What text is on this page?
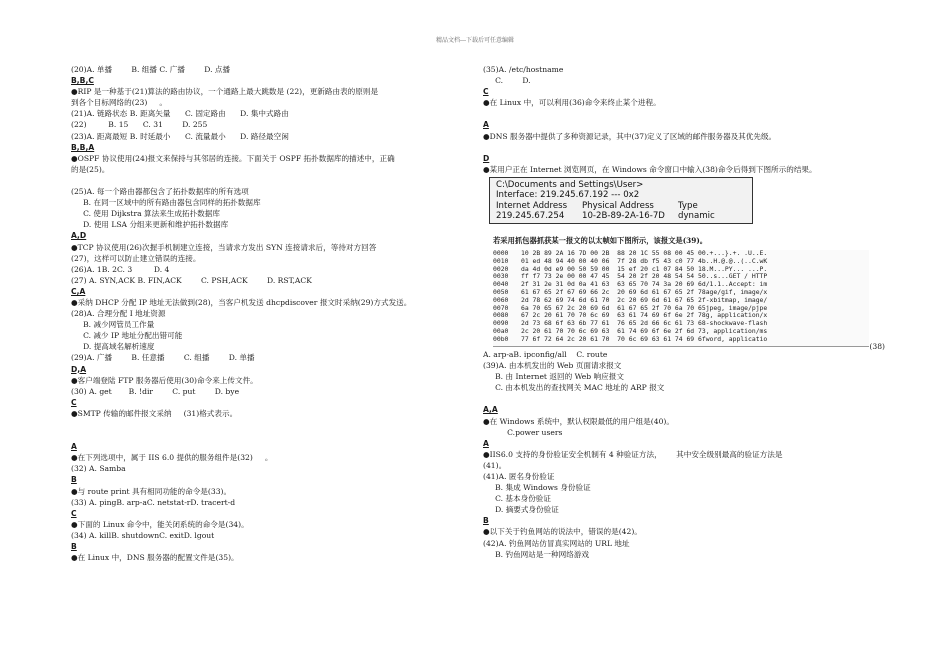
精品文档---下载后可任意编辑
(20)A. 单播        B. 组播 C. 广播        D. 点播
B,B,C
●RIP 是一种基于(21)算法的路由协议，一个通路上最大跳数是 (22)，更新路由表的原则是
到各个目标网络的(23)     。
(21)A. 链路状态 B. 距离矢量      C. 固定路由      D. 集中式路由
(22)         B. 15      C. 31        D. 255
(23)A. 距离最短 B. 时延最小      C. 流量最小      D. 路径最空闲
B,B,A
●OSPF 协议使用(24)报文来保持与其邻居的连接。下面关于 OSPF 拓扑数据库的描述中，正确
的是(25)。
(25)A. 每一个路由器都包含了拓扑数据库的所有选项
B. 在同一区域中的所有路由器包含同样的拓扑数据库
C. 使用 Dijkstra 算法来生成拓扑数据库
D. 使用 LSA 分组来更新和维护拓扑数据库
A,D
●TCP 协议使用(26)次握手机制建立连接，当请求方发出 SYN 连接请求后，等待对方回答
(27)，这样可以防止建立错误的连接。
(26)A. 1B. 2C. 3         D. 4
(27) A. SYN,ACK B. FIN,ACK        C. PSH,ACK        D. RST,ACK
C,A
●采纳 DHCP 分配 IP 地址无法做到(28)，当客户机发送 dhcpdiscover 报文时采纳(29)方式发送。
(28)A. 合理分配 I 地址资源
B. 减少网管员工作量
C. 减少 IP 地址分配出错可能
D. 提高域名解析速度
(29)A. 广播        B. 任意播        C. 组播        D. 单播
D,A
●客户端登陆 FTP 服务器后使用(30)命令来上传文件。
(30) A. get       B. !dir        C. put        D. bye
C
●SMTP 传输的邮件报文采纳     (31)格式表示。
A
●在下列选项中，属于 IIS 6.0 提供的服务组件是(32)     。
(32) A. Samba
B
●与 route print 具有相同功能的命令是(33)。
(33) A. pingB. arp-aC. netstat-rD. tracert-d
C
●下面的 Linux 命令中，能关闭系统的命令是(34)。
(34) A. killB. shutdownC. exitD. lgout
B
●在 Linux 中，DNS 服务器的配置文件是(35)。
(35)A. /etc/hostname
C.        D.
C
●在 Linux 中，可以利用(36)命令来终止某个进程。
A
●DNS 服务器中提供了多种资源记录，其中(37)定义了区域的邮件服务器及其优先级。
D
●某用户正在 Internet 浏览网页，在 Windows 命令窗口中输入(38)命令后得到下图所示的结果。
C:\Documents and Settings\User>
Interface: 219.245.67.192 --- 0x2
Internet Address	Physical Address	Type
219.245.67.254	10-2B-89-2A-16-7D	dynamic
若采用抓包器抓获某一报文的以太帧如下图所示，该报文是(39)。
0000	10 2B 89 2A 16 7D 00 2B  88 20 1C 55 08 00 45 00 .+...}.+. .U..E.
0010	01 ed 48 94 40 00 40 06  7f 28 db f5 43 c0 77 4b ..H.@.@..(..C.wK
0020	da 4d 0d e9 00 50 59 00  15 ef 20 c1 07 84 50 18 .M...PY... ...P.
0030	ff f7 73 2e 00 00 47 45  54 20 2f 20 48 54 54 50 ..s...GET / HTTP
0040	2f 31 2e 31 0d 0a 41 63  63 65 70 74 3a 20 69 6d /1.1..Accept: im
0050	61 67 65 2f 67 69 66 2c  20 69 6d 61 67 65 2f 78 age/gif, image/x
0060	2d 78 62 69 74 6d 61 70  2c 20 69 6d 61 67 65 2f -xbitmap, image/
0070	6a 70 65 67 2c 20 69 6d  61 67 65 2f 70 6a 70 65 jpeg, image/pjpe
0080	67 2c 20 61 70 70 6c 69  63 61 74 69 6f 6e 2f 78 g, application/x
0090	2d 73 68 6f 63 6b 77 61  76 65 2d 66 6c 61 73 68 -shockwave-flash
00a0	2c 20 61 70 70 6c 69 63  61 74 69 6f 6e 2f 6d 73 , application/ms
00b0	77 6f 72 64 2c 20 61 70  70 6c 69 63 61 74 69 6f word, applicatio
(38)
A. arp-aB. ipconfig/all    C. route
(39)A. 由本机发出的 Web 页面请求报文
B. 由 Internet 返回的 Web 响应报文
C. 由本机发出的查找网关 MAC 地址的 ARP 报文
A,A
●在 Windows 系统中，默认权限最低的用户组是(40)。
C.power users
A
●IIS6.0 支持的身份验证安全机制有 4 种验证方法，      其中安全级别最高的验证方法是
(41)。
(41)A. 匿名身份验证
B. 集成 Windows 身份验证
C. 基本身份验证
D. 摘要式身份验证
B
●以下关于钓鱼网站的说法中，错误的是(42)。
(42)A. 钓鱼网站仿冒真实网站的 URL 地址
B. 钓鱼网站是一种网络游戏
